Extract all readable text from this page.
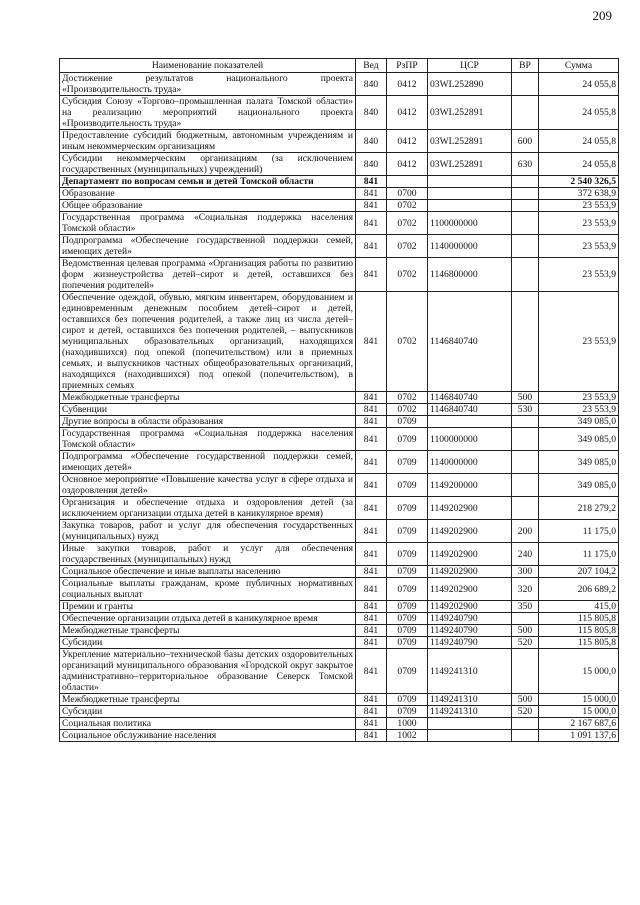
209
Наименование показателей	Вед	РзПР	ЦСР	ВР	Сумма
Достижение результатов национального проекта «Производительность труда»	840	0412	03WL252890		24 055,8
Субсидия Союзу «Торгово–промышленная палата Томской области» на реализацию мероприятий национального проекта «Производительность труда»	840	0412	03WL252891		24 055,8
Предоставление субсидий бюджетным, автономным учреждениям и иным некоммерческим организациям	840	0412	03WL252891	600	24 055,8
Субсидии некоммерческим организациям (за исключением государственных (муниципальных) учреждений)	840	0412	03WL252891	630	24 055,8
Департамент по вопросам семьи и детей Томской области	841				2 540 326,5
Образование	841	0700			372 638,9
Общее образование	841	0702			23 553,9
Государственная программа «Социальная поддержка населения Томской области»	841	0702	1100000000		23 553,9
Подпрограмма «Обеспечение государственной поддержки семей, имеющих детей»	841	0702	1140000000		23 553,9
Ведомственная целевая программа «Организация работы по развитию форм жизнеустройства детей–сирот и детей, оставшихся без попечения родителей»	841	0702	1146800000		23 553,9
Обеспечение одеждой, обувью, мягким инвентарем, оборудованием и единовременным денежным пособием детей–сирот и детей, оставшихся без попечения родителей, а также лиц из числа детей–сирот и детей, оставшихся без попечения родителей, – выпускников муниципальных образовательных организаций, находящихся (находившихся) под опекой (попечительством) или в приемных семьях, и выпускников частных общеобразовательных организаций, находящихся (находившихся) под опекой (попечительством), в приемных семьях	841	0702	1146840740		23 553,9
Межбюджетные трансферты	841	0702	1146840740	500	23 553,9
Субвенции	841	0702	1146840740	530	23 553,9
Другие вопросы в области образования	841	0709			349 085,0
Государственная программа «Социальная поддержка населения Томской области»	841	0709	1100000000		349 085,0
Подпрограмма «Обеспечение государственной поддержки семей, имеющих детей»	841	0709	1140000000		349 085,0
Основное мероприятие «Повышение качества услуг в сфере отдыха и оздоровления детей»	841	0709	1149200000		349 085,0
Организация и обеспечение отдыха и оздоровления детей (за исключением организации отдыха детей в каникулярное время)	841	0709	1149202900		218 279,2
Закупка товаров, работ и услуг для обеспечения государственных (муниципальных) нужд	841	0709	1149202900	200	11 175,0
Иные закупки товаров, работ и услуг для обеспечения государственных (муниципальных) нужд	841	0709	1149202900	240	11 175,0
Социальное обеспечение и иные выплаты населению	841	0709	1149202900	300	207 104,2
Социальные выплаты гражданам, кроме публичных нормативных социальных выплат	841	0709	1149202900	320	206 689,2
Премии и гранты	841	0709	1149202900	350	415,0
Обеспечение организации отдыха детей в каникулярное время	841	0709	1149240790		115 805,8
Межбюджетные трансферты	841	0709	1149240790	500	115 805,8
Субсидии	841	0709	1149240790	520	115 805,8
Укрепление материально–технической базы детских оздоровительных организаций муниципального образования «Городской округ закрытое административно–территориальное образование Северск Томской области»	841	0709	1149241310		15 000,0
Межбюджетные трансферты	841	0709	1149241310	500	15 000,0
Субсидии	841	0709	1149241310	520	15 000,0
Социальная политика	841	1000			2 167 687,6
Социальное обслуживание населения	841	1002			1 091 137,6
